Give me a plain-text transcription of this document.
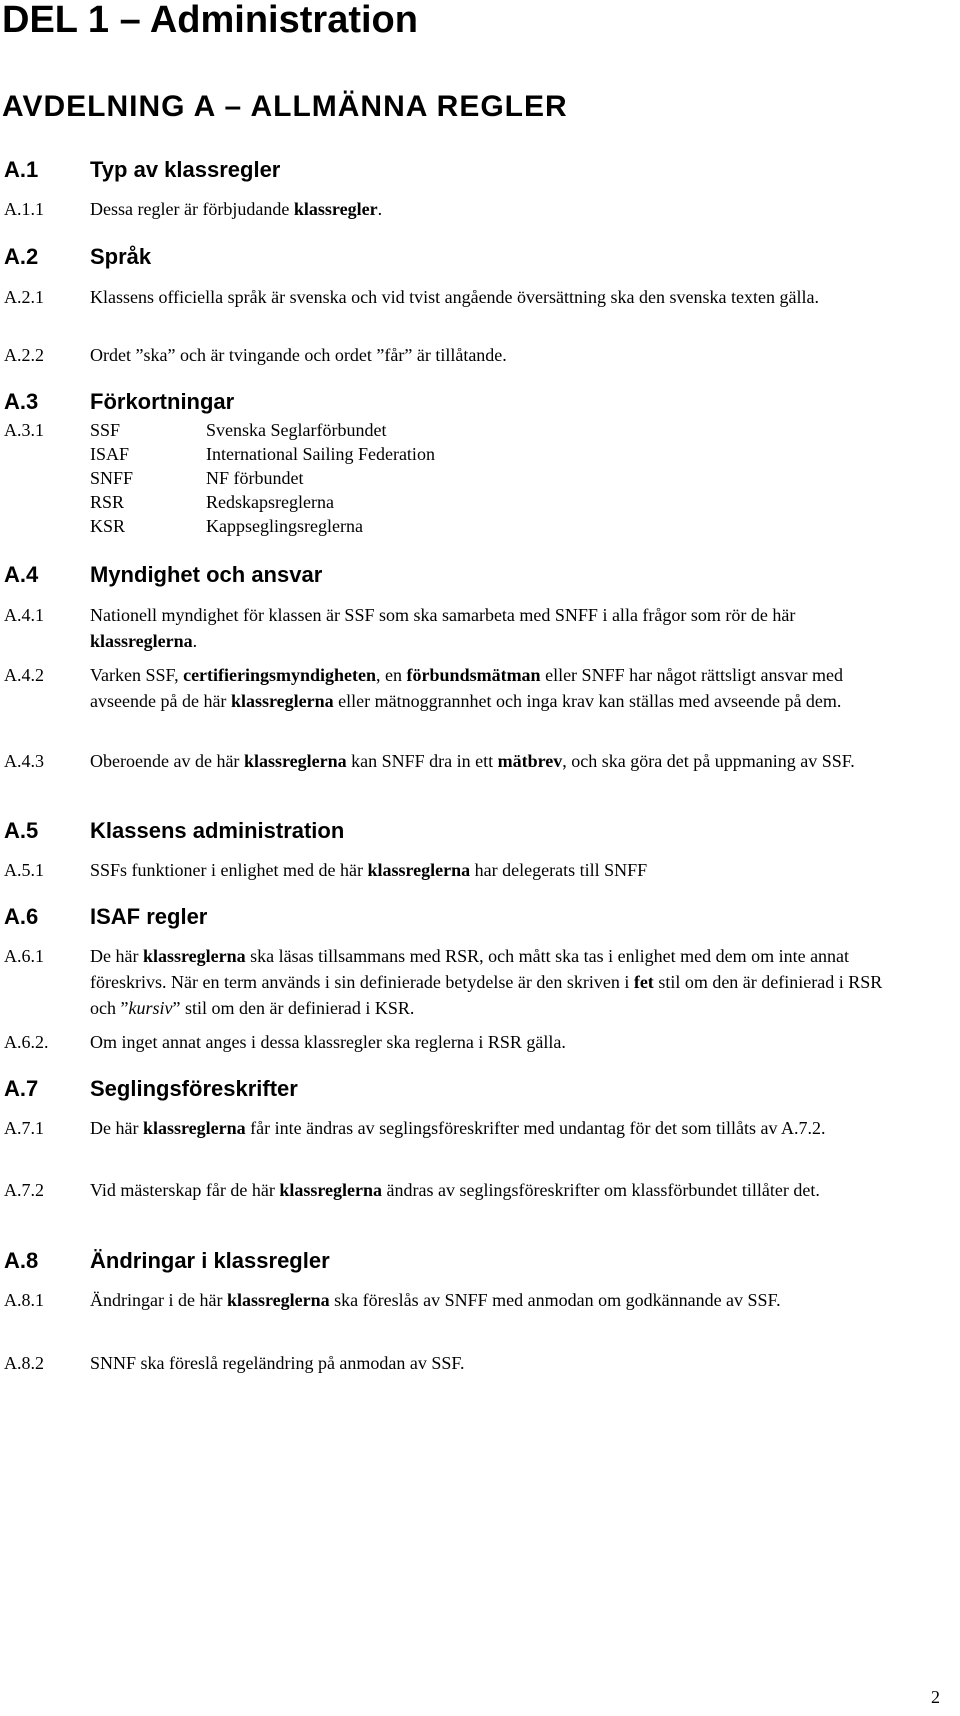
DEL 1 – Administration
AVDELNING A – ALLMÄNNA REGLER
A.1 Typ av klassregler
A.1.1	Dessa regler är förbjudande klassregler.
A.2 Språk
A.2.1	Klassens officiella språk är svenska och vid tvist angående översättning ska den svenska texten gälla.
A.2.2	Ordet ”ska” och är tvingande och ordet ”får” är tillåtande.
A.3 Förkortningar
A.3.1	SSF	Svenska Seglarförbundet
ISAF	International Sailing Federation
SNFF	NF förbundet
RSR	Redskapsreglerna
KSR	Kappseglingsreglerna
A.4 Myndighet och ansvar
A.4.1	Nationell myndighet för klassen är SSF som ska samarbeta med SNFF i alla frågor som rör de här klassreglerna.
A.4.2	Varken SSF, certifieringsmyndigheten, en förbundsmätman eller SNFF har något rättsligt ansvar med avseende på de här klassreglerna eller mätnoggrannhet och inga krav kan ställas med avseende på dem.
A.4.3	Oberoende av de här klassreglerna kan SNFF dra in ett mätbrev, och ska göra det på uppmaning av SSF.
A.5 Klassens administration
A.5.1	SSFs funktioner i enlighet med de här klassreglerna har delegerats till SNFF
A.6 ISAF regler
A.6.1	De här klassreglerna ska läsas tillsammans med RSR, och mått ska tas i enlighet med dem om inte annat föreskrivs. När en term används i sin definierade betydelse är den skriven i fet stil om den är definierad i RSR och ”kursiv” stil om den är definierad i KSR.
A.6.2. Om inget annat anges i dessa klassregler ska reglerna i RSR gälla.
A.7 Seglingsföreskrifter
A.7.1	De här klassreglerna får inte ändras av seglingsföreskrifter med undantag för det som tillåts av A.7.2.
A.7.2	Vid mästerskap får de här klassreglerna ändras av seglingsföreskrifter om klassförbundet tillåter det.
A.8 Ändringar i klassregler
A.8.1	Ändringar i de här klassreglerna ska föreslås av SNFF med anmodan om godkännande av SSF.
A.8.2	SNNF ska föreslå regeländring på anmodan av SSF.
2
